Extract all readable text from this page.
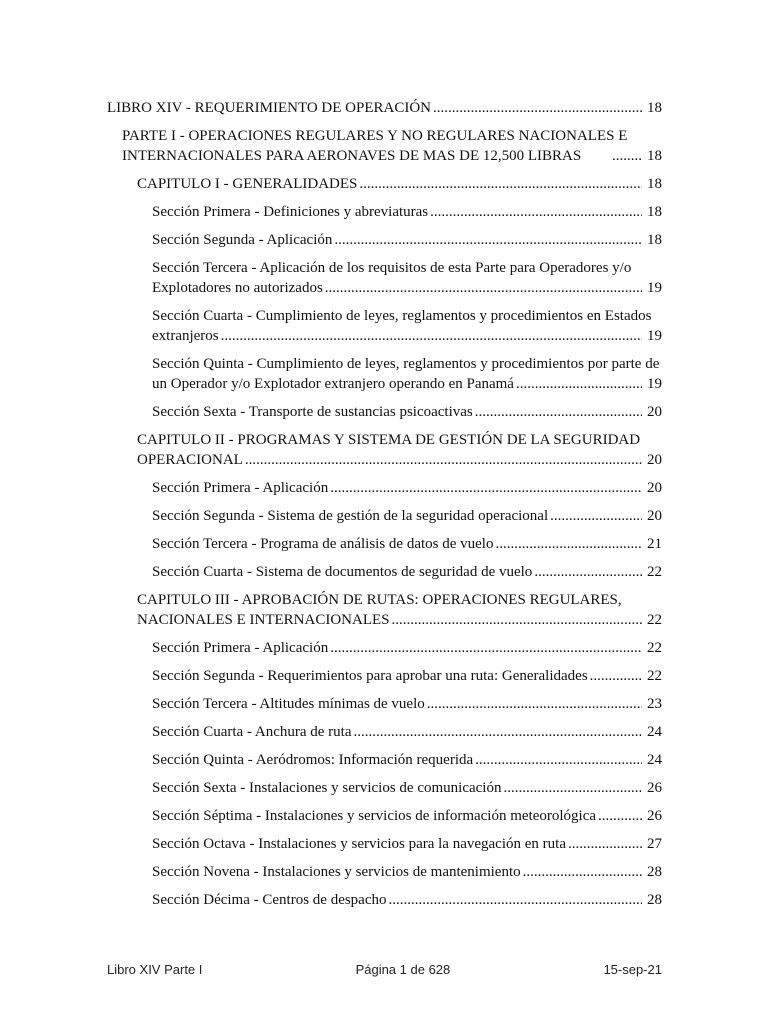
LIBRO XIV - REQUERIMIENTO DE OPERACIÓN .....	18
PARTE I - OPERACIONES REGULARES Y NO REGULARES NACIONALES E
INTERNACIONALES PARA AERONAVES DE MAS DE 12,500 LIBRAS .....	18
CAPITULO I - GENERALIDADES .....	18
Sección Primera - Definiciones y abreviaturas .....	18
Sección Segunda - Aplicación .....	18
Sección Tercera - Aplicación de los requisitos de esta Parte para Operadores y/o
Explotadores no autorizados .....	19
Sección Cuarta - Cumplimiento de leyes, reglamentos y procedimientos en Estados
extranjeros .....	19
Sección Quinta - Cumplimiento de leyes, reglamentos y procedimientos por parte de
un Operador y/o Explotador extranjero operando en Panamá .....	19
Sección Sexta - Transporte de sustancias psicoactivas .....	20
CAPITULO II - PROGRAMAS Y SISTEMA DE GESTIÓN DE LA SEGURIDAD
OPERACIONAL .....	20
Sección Primera - Aplicación .....	20
Sección Segunda - Sistema de gestión de la seguridad operacional .....	20
Sección Tercera - Programa de análisis de datos de vuelo .....	21
Sección Cuarta - Sistema de documentos de seguridad de vuelo .....	22
CAPITULO III - APROBACIÓN DE RUTAS: OPERACIONES REGULARES,
NACIONALES E INTERNACIONALES .....	22
Sección Primera - Aplicación .....	22
Sección Segunda - Requerimientos para aprobar una ruta: Generalidades .....	22
Sección Tercera - Altitudes mínimas de vuelo .....	23
Sección Cuarta - Anchura de ruta .....	24
Sección Quinta - Aeródromos: Información requerida .....	24
Sección Sexta - Instalaciones y servicios de comunicación .....	26
Sección Séptima - Instalaciones y servicios de información meteorológica .....	26
Sección Octava - Instalaciones y servicios para la navegación en ruta .....	27
Sección Novena - Instalaciones y servicios de mantenimiento .....	28
Sección Décima - Centros de despacho .....	28
Libro XIV Parte I	Página 1 de 628	15-sep-21
